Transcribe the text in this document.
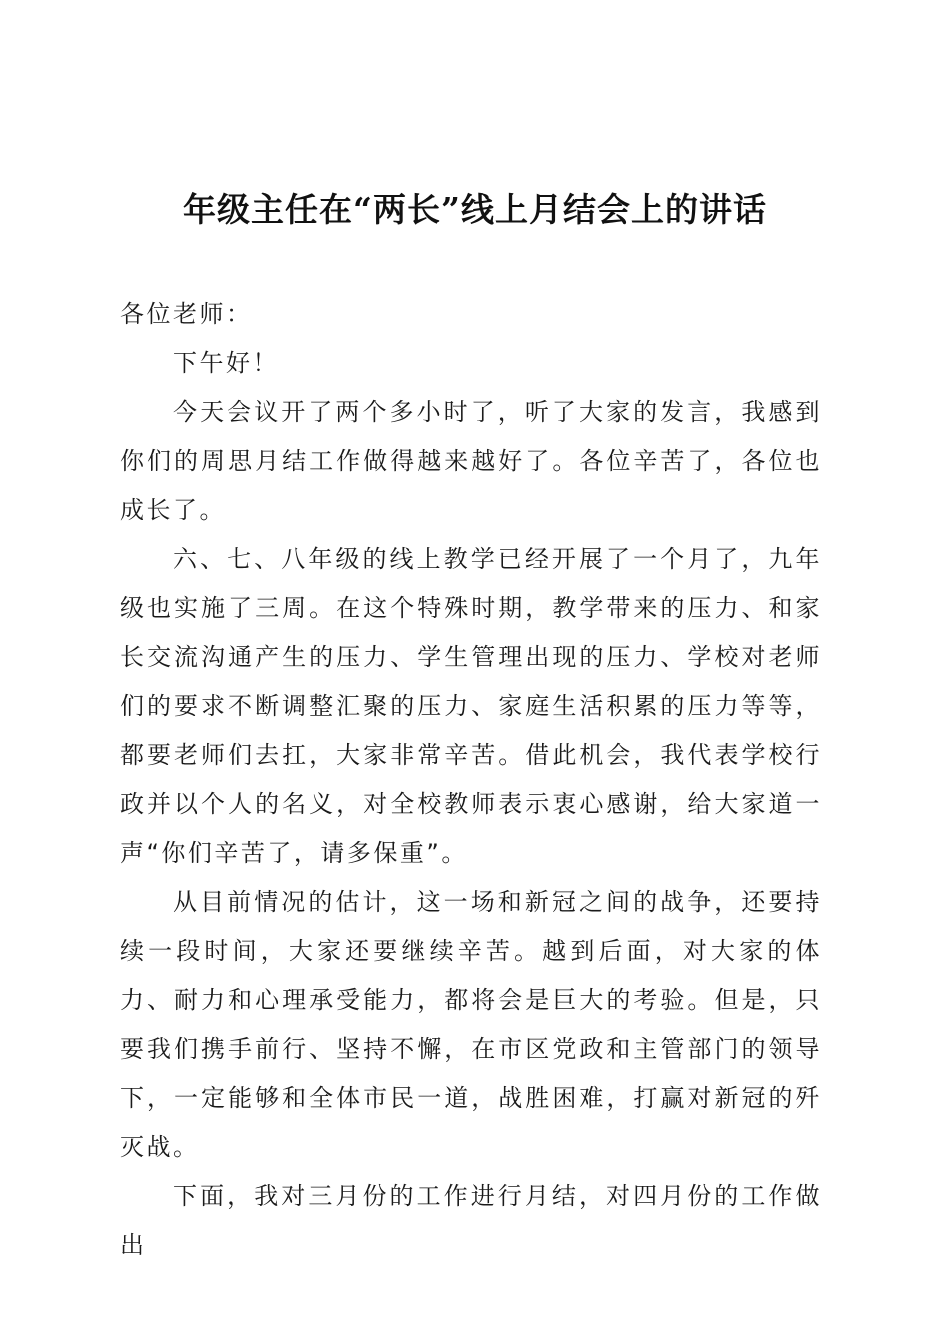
年级主任在“两长”线上月结会上的讲话

各位老师：

下午好！

今天会议开了两个多小时了，听了大家的发言，我感到你们的周思月结工作做得越来越好了。各位辛苦了，各位也成长了。

六、七、八年级的线上教学已经开展了一个月了，九年级也实施了三周。在这个特殊时期，教学带来的压力、和家长交流沟通产生的压力、学生管理出现的压力、学校对老师们的要求不断调整汇聚的压力、家庭生活积累的压力等等，都要老师们去扛，大家非常辛苦。借此机会，我代表学校行政并以个人的名义，对全校教师表示衷心感谢，给大家道一声“你们辛苦了，请多保重”。

从目前情况的估计，这一场和新冠之间的战争，还要持续一段时间，大家还要继续辛苦。越到后面，对大家的体力、耐力和心理承受能力，都将会是巨大的考验。但是，只要我们携手前行、坚持不懈，在市区党政和主管部门的领导下，一定能够和全体市民一道，战胜困难，打赢对新冠的歼灭战。

下面，我对三月份的工作进行月结，对四月份的工作做出
